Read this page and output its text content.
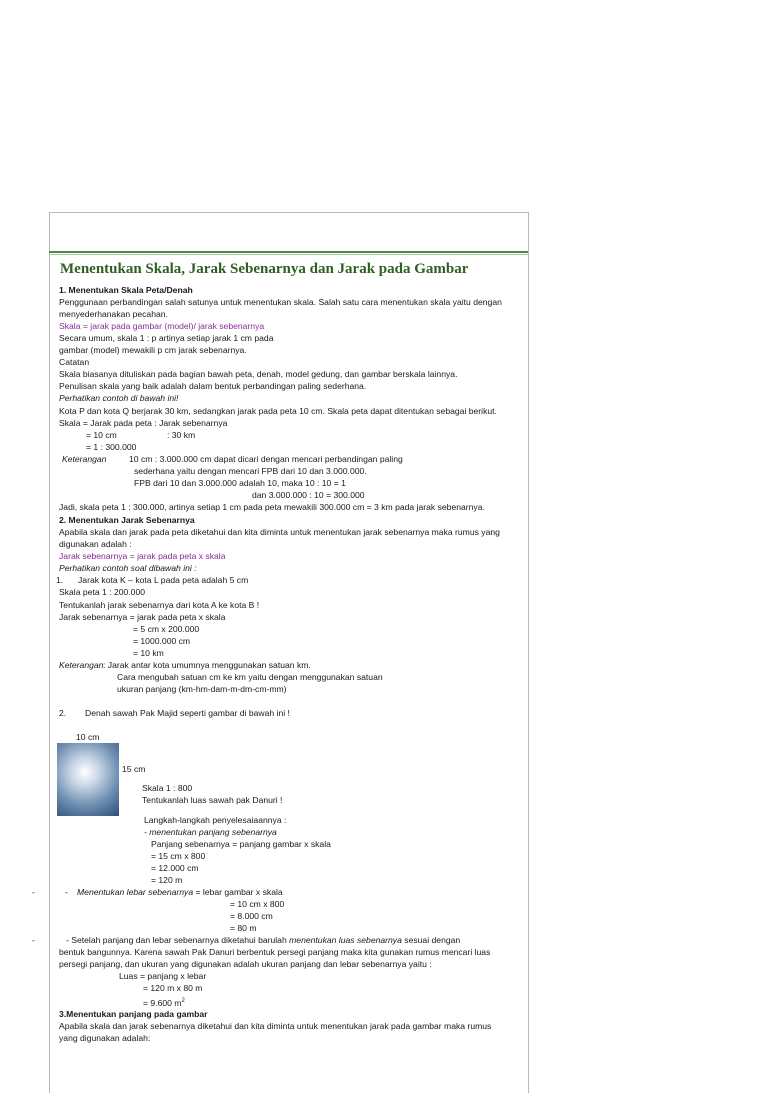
Menentukan Skala, Jarak Sebenarnya dan Jarak pada Gambar
1. Menentukan Skala Peta/Denah
Penggunaan perbandingan salah satunya untuk menentukan skala. Salah satu cara menentukan skala yaitu dengan
menyederhanakan pecahan.
Skala = jarak pada gambar (model)/ jarak sebenarnya
Secara umum, skala 1 : p artinya setiap jarak 1 cm pada
gambar (model) mewakili p cm jarak sebenarnya.
Catatan
Skala biasanya dituliskan pada bagian bawah peta, denah, model gedung, dan gambar berskala lainnya.
Penulisan skala yang baik adalah dalam bentuk perbandingan paling sederhana.
Perhatikan contoh di bawah ini!
Kota P dan kota Q berjarak 30 km, sedangkan jarak pada peta 10 cm. Skala peta dapat ditentukan sebagai berikut.
Skala = Jarak pada peta : Jarak sebenarnya
= 10 cm	: 30 km
= 1 : 300.000
Keterangan	10 cm : 3.000.000 cm dapat dicari dengan mencari perbandingan paling
sederhana yaitu dengan mencari FPB dari 10 dan 3.000.000.
FPB dari 10 dan 3.000.000 adalah 10, maka 10 : 10 = 1
dan 3.000.000 : 10 = 300.000
Jadi, skala peta 1 : 300.000, artinya setiap 1 cm pada peta mewakili 300.000 cm = 3 km pada jarak sebenarnya.
2. Menentukan Jarak Sebenarnya
Apabila skala dan jarak pada peta diketahui dan kita diminta untuk menentukan jarak sebenarnya maka rumus yang
digunakan adalah :
Jarak sebenarnya = jarak pada peta x skala
Perhatikan contoh soal dibawah ini :
1. Jarak kota K – kota L pada peta adalah 5 cm
Skala peta 1 : 200.000
Tentukanlah jarak sebenarnya dari kota A ke kota B !
Jarak sebenarnya = jarak pada peta x skala
= 5 cm x 200.000
= 1000.000 cm
= 10 km
Keterangan : Jarak antar kota umumnya menggunakan satuan km.
Cara mengubah satuan cm ke km yaitu dengan menggunakan satuan
ukuran panjang (km-hm-dam-m-dm-cm-mm)
2. Denah sawah Pak Majid seperti gambar di bawah ini !
10 cm
15 cm
Skala 1 : 800
Tentukanlah luas sawah pak Danuri !
Langkah-langkah penyelesaiaannya :
- menentukan panjang sebenarnya
Panjang sebenarnya = panjang gambar x skala
= 15 cm x 800
= 12.000 cm
= 120 m
-	- Menentukan lebar sebenarnya = lebar gambar x skala
= 10 cm x 800
= 8.000 cm
= 80 m
-	- Setelah panjang dan lebar sebenarnya diketahui barulah menentukan luas sebenarnya sesuai dengan
bentuk bangunnya. Karena sawah Pak Danuri berbentuk persegi panjang maka kita gunakan rumus mencari luas
persegi panjang, dan ukuran yang digunakan adalah ukuran panjang dan lebar sebenarnya yaitu :
Luas = panjang x lebar
= 120 m x 80 m
= 9.600 $m^2$
3.Menentukan panjang pada gambar
Apabila skala dan jarak sebenarnya diketahui dan kita diminta untuk menentukan jarak pada gambar maka rumus
yang digunakan adalah:
